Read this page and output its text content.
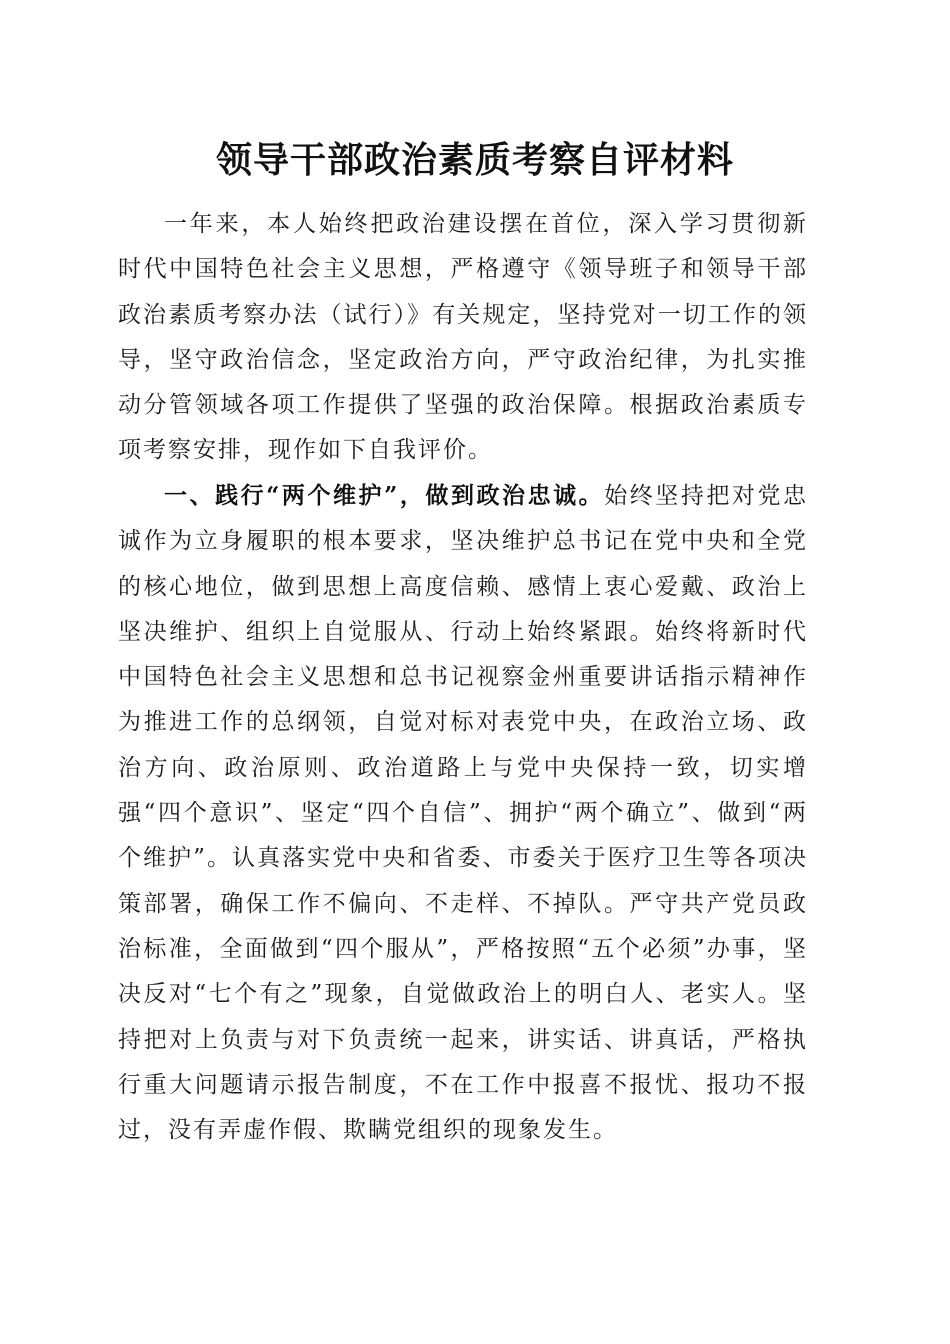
领导干部政治素质考察自评材料

一年来，本人始终把政治建设摆在首位，深入学习贯彻新时代中国特色社会主义思想，严格遵守《领导班子和领导干部政治素质考察办法（试行）》有关规定，坚持党对一切工作的领导，坚守政治信念，坚定政治方向，严守政治纪律，为扎实推动分管领域各项工作提供了坚强的政治保障。根据政治素质专项考察安排，现作如下自我评价。

一、践行“两个维护”，做到政治忠诚。始终坚持把对党忠诚作为立身履职的根本要求，坚决维护总书记在党中央和全党的核心地位，做到思想上高度信赖、感情上衷心爱戴、政治上坚决维护、组织上自觉服从、行动上始终紧跟。始终将新时代中国特色社会主义思想和总书记视察金州重要讲话指示精神作为推进工作的总纲领，自觉对标对表党中央，在政治立场、政治方向、政治原则、政治道路上与党中央保持一致，切实增强“四个意识”、坚定“四个自信”、拥护“两个确立”、做到“两个维护”。认真落实党中央和省委、市委关于医疗卫生等各项决策部署，确保工作不偏向、不走样、不掉队。严守共产党员政治标准，全面做到“四个服从”，严格按照“五个必须”办事，坚决反对“七个有之”现象，自觉做政治上的明白人、老实人。坚持把对上负责与对下负责统一起来，讲实话、讲真话，严格执行重大问题请示报告制度，不在工作中报喜不报忧、报功不报过，没有弄虚作假、欺瞒党组织的现象发生。
